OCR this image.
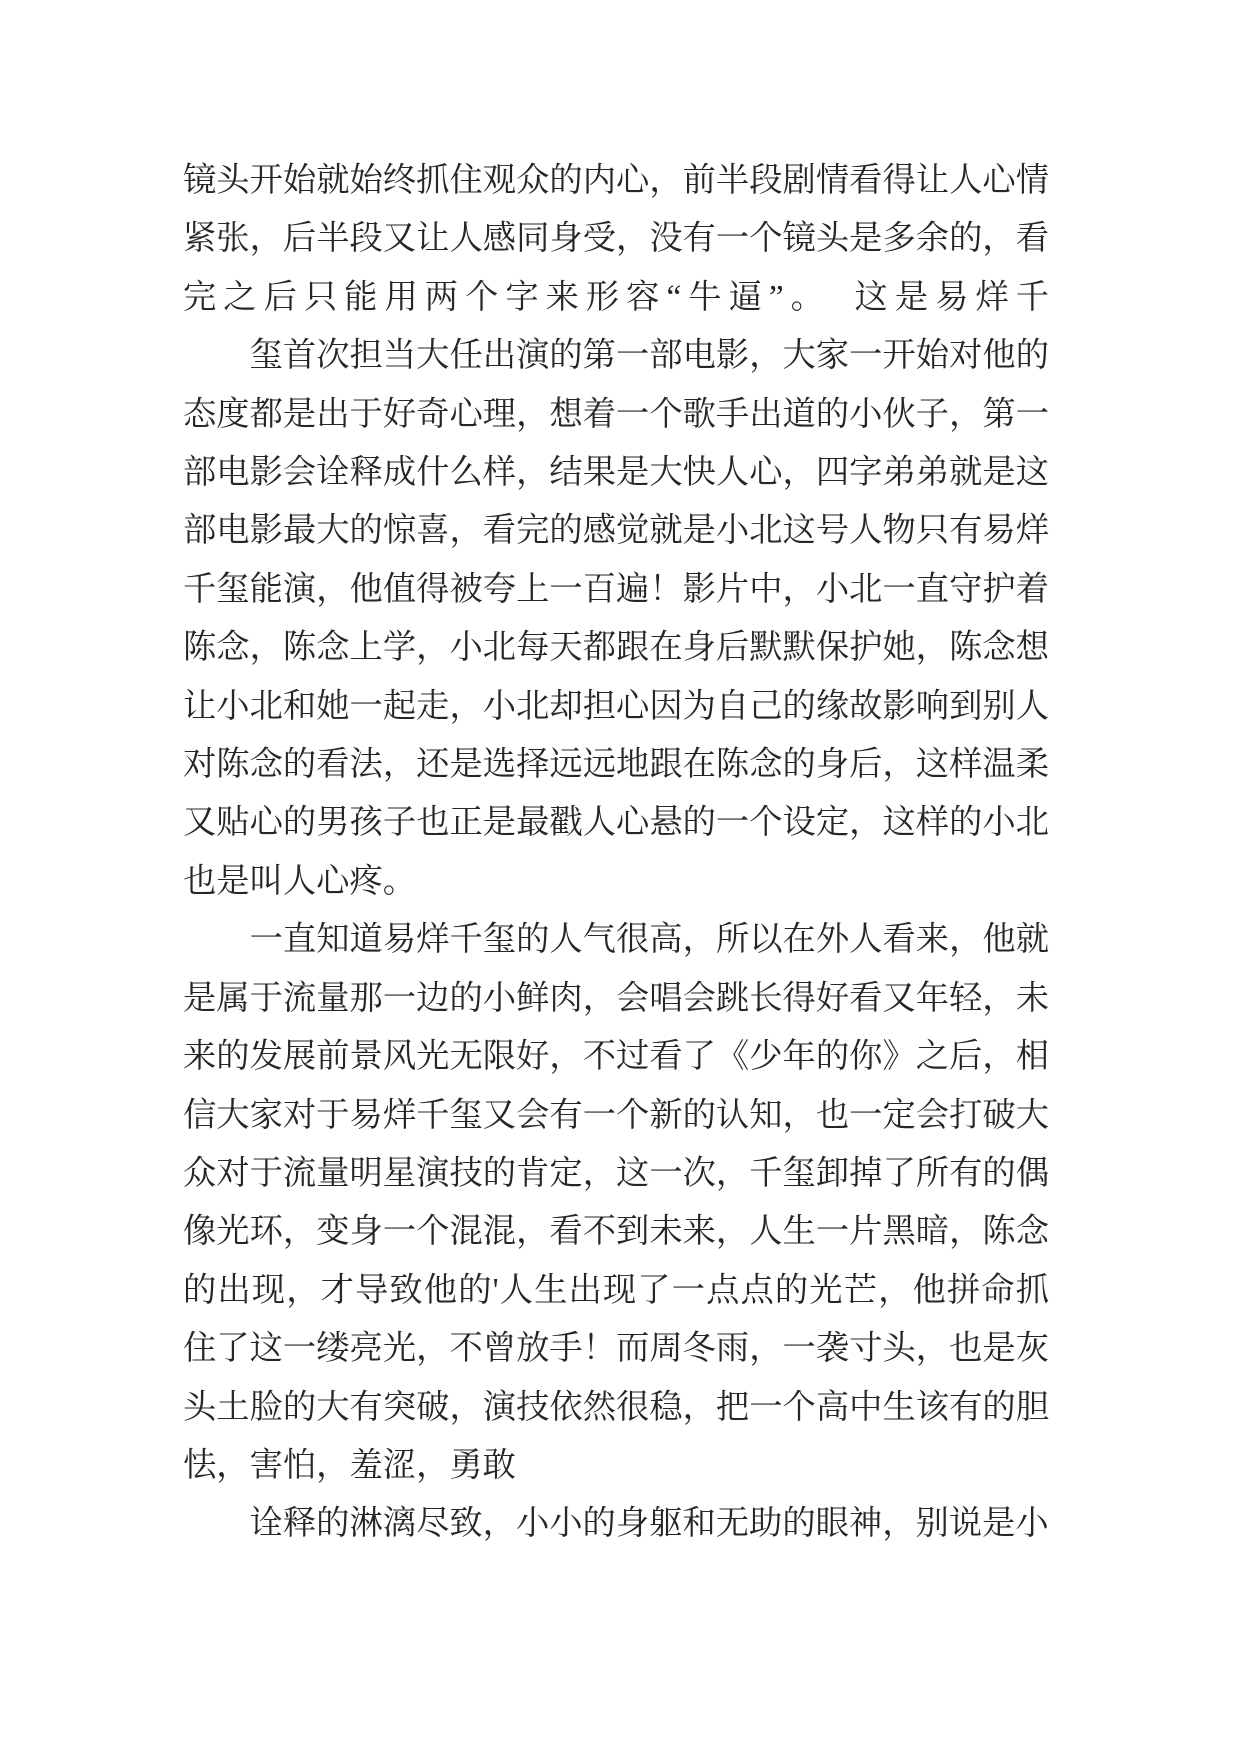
镜头开始就始终抓住观众的内心，前半段剧情看得让人心情紧张，后半段又让人感同身受，没有一个镜头是多余的，看完之后只能用两个字来形容“牛逼”。　这是易烊千

玺首次担当大任出演的第一部电影，大家一开始对他的态度都是出于好奇心理，想着一个歌手出道的小伙子，第一部电影会诠释成什么样，结果是大快人心，四字弟弟就是这部电影最大的惊喜，看完的感觉就是小北这号人物只有易烊千玺能演，他值得被夸上一百遍！影片中，小北一直守护着陈念，陈念上学，小北每天都跟在身后默默保护她，陈念想让小北和她一起走，小北却担心因为自己的缘故影响到别人对陈念的看法，还是选择远远地跟在陈念的身后，这样温柔又贴心的男孩子也正是最戳人心悬的一个设定，这样的小北也是叫人心疼。

一直知道易烊千玺的人气很高，所以在外人看来，他就是属于流量那一边的小鲜肉，会唱会跳长得好看又年轻，未来的发展前景风光无限好，不过看了《少年的你》之后，相信大家对于易烊千玺又会有一个新的认知，也一定会打破大众对于流量明星演技的肯定，这一次，千玺卸掉了所有的偶像光环，变身一个混混，看不到未来，人生一片黑暗，陈念的出现，才导致他的'人生出现了一点点的光芒，他拼命抓住了这一缕亮光，不曾放手！而周冬雨，一袭寸头，也是灰头土脸的大有突破，演技依然很稳，把一个高中生该有的胆怯，害怕，羞涩，勇敢

诠释的淋漓尽致，小小的身躯和无助的眼神，别说是小
